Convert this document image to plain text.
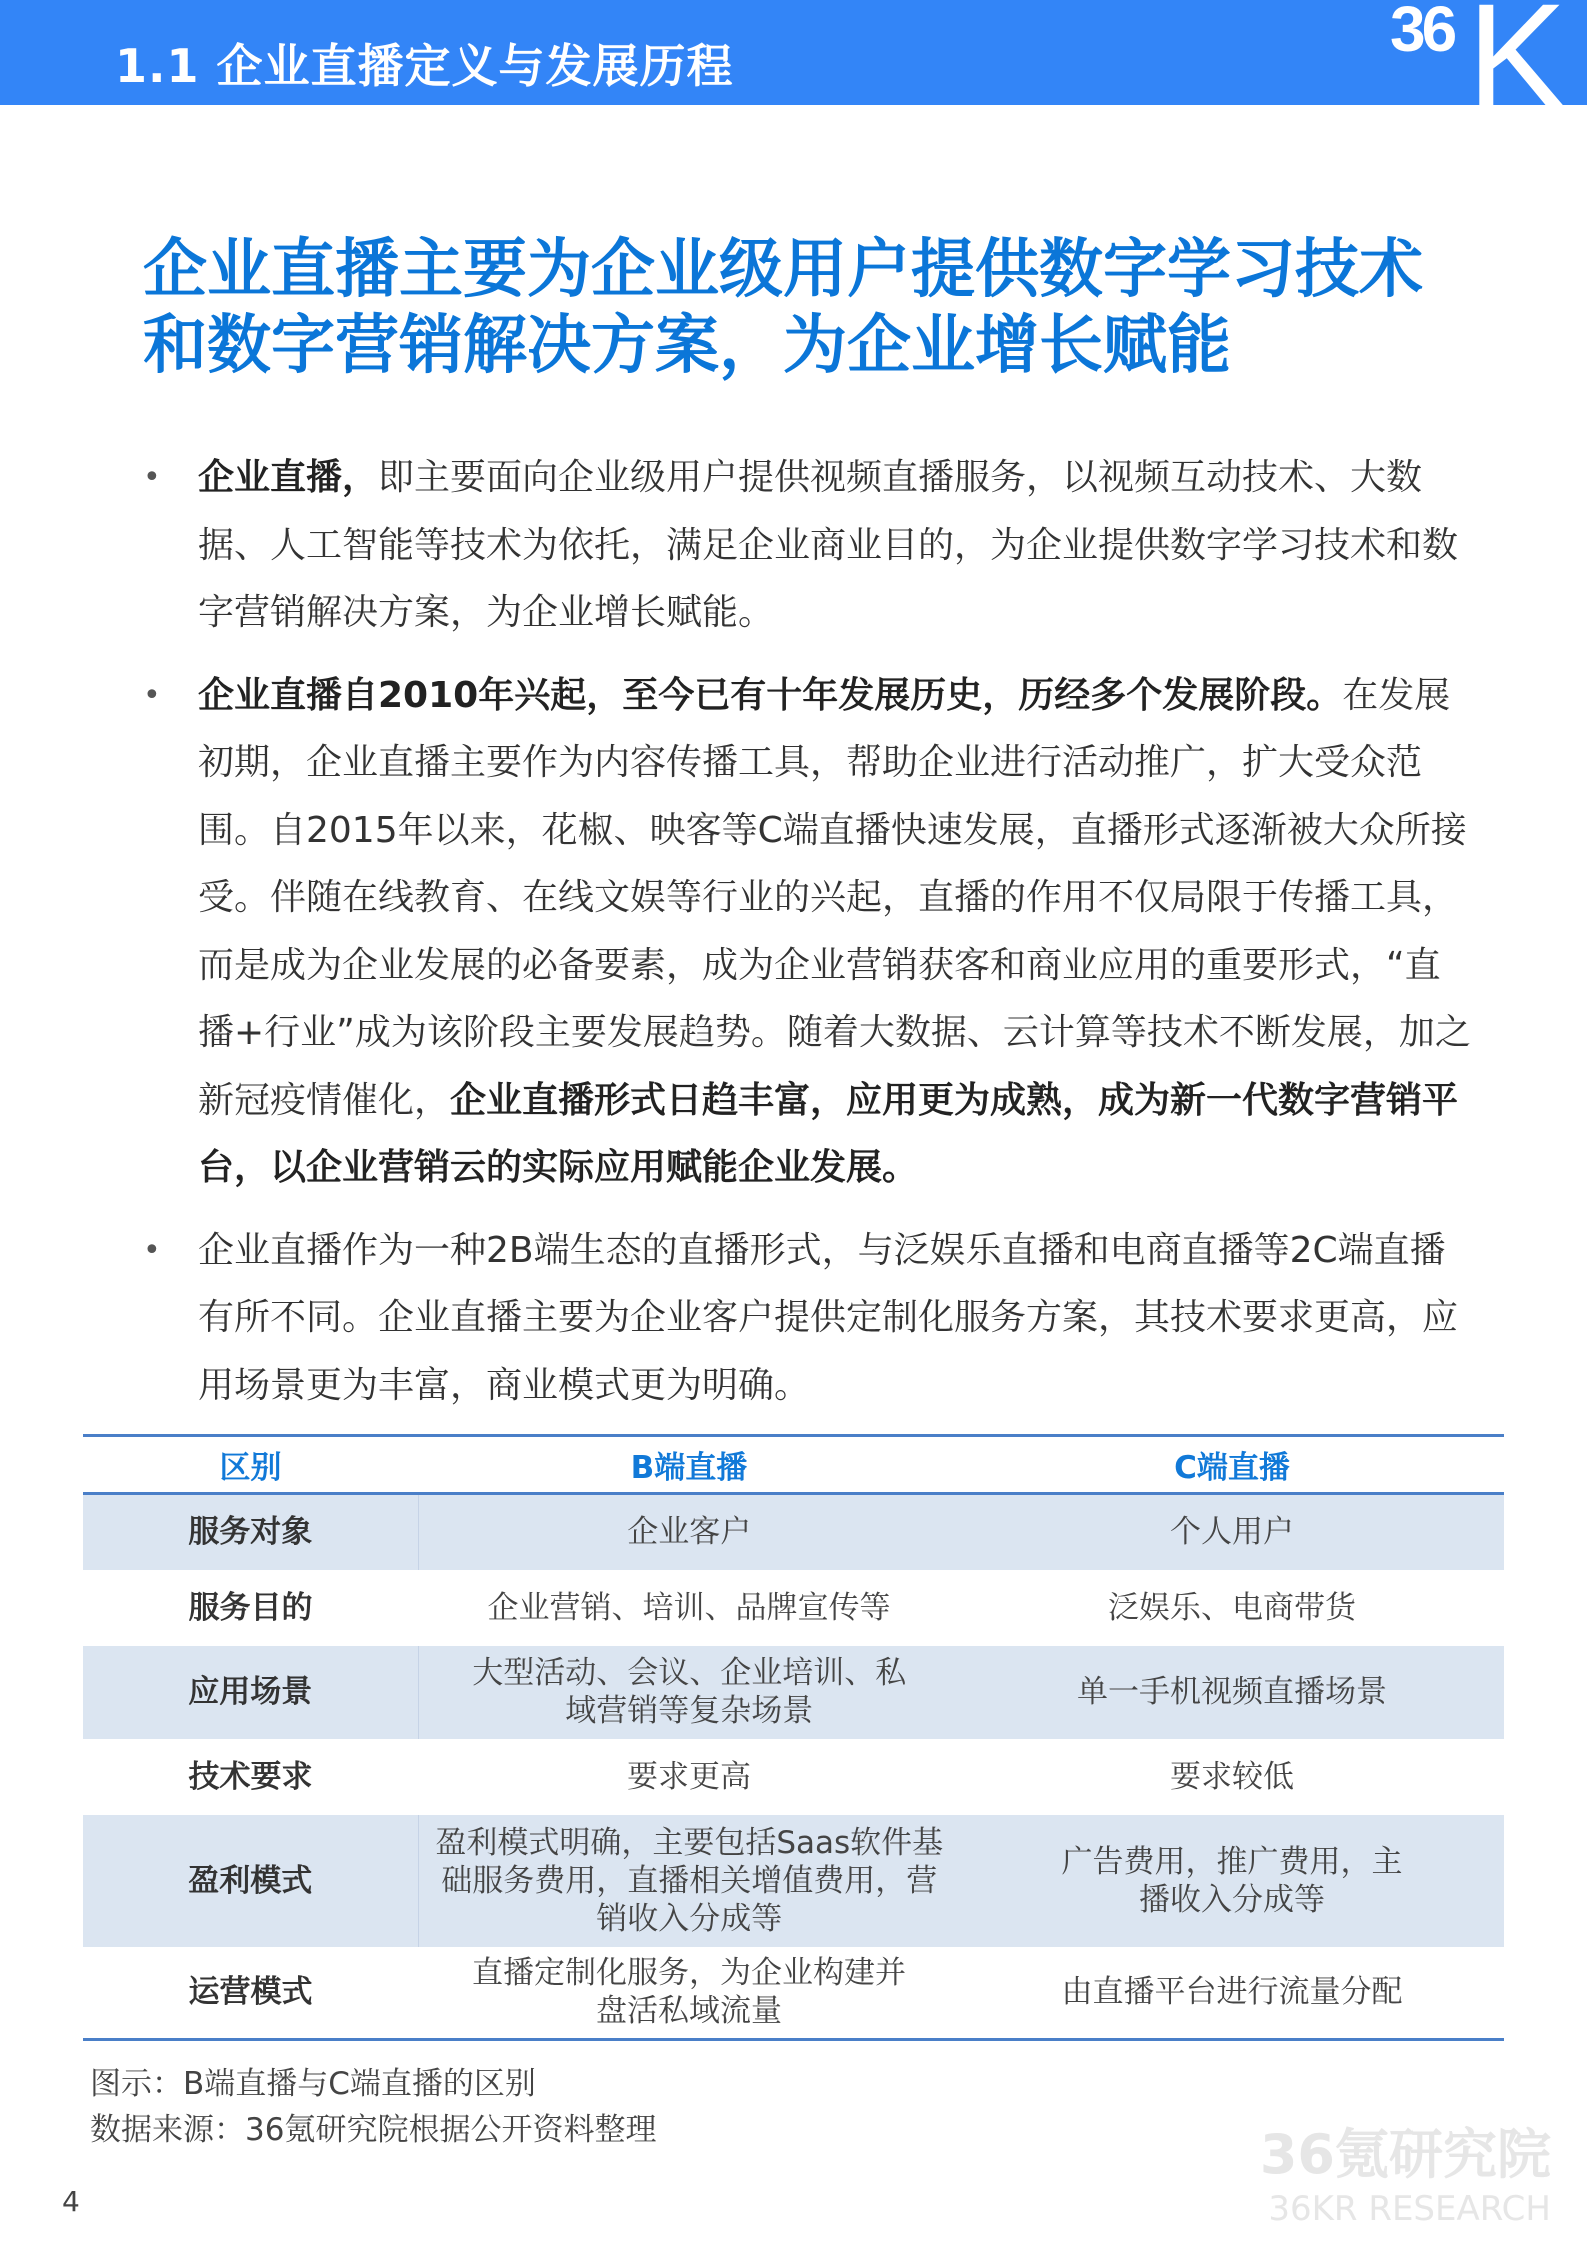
1.1 企业直播定义与发展历程
36 K
企业直播主要为企业级用户提供数字学习技术和数字营销解决方案，为企业增长赋能
• 企业直播，即主要面向企业级用户提供视频直播服务，以视频互动技术、大数据、人工智能等技术为依托，满足企业商业目的，为企业提供数字学习技术和数字营销解决方案，为企业增长赋能。
• 企业直播自2010年兴起，至今已有十年发展历史，历经多个发展阶段。在发展初期，企业直播主要作为内容传播工具，帮助企业进行活动推广，扩大受众范围。自2015年以来，花椒、映客等C端直播快速发展，直播形式逐渐被大众所接受。伴随在线教育、在线文娱等行业的兴起，直播的作用不仅局限于传播工具，而是成为企业发展的必备要素，成为企业营销获客和商业应用的重要形式，“直播+行业”成为该阶段主要发展趋势。随着大数据、云计算等技术不断发展，加之新冠疫情催化，企业直播形式日趋丰富，应用更为成熟，成为新一代数字营销平台，以企业营销云的实际应用赋能企业发展。
• 企业直播作为一种2B端生态的直播形式，与泛娱乐直播和电商直播等2C端直播有所不同。企业直播主要为企业客户提供定制化服务方案，其技术要求更高，应用场景更为丰富，商业模式更为明确。
区别	B端直播	C端直播
服务对象	企业客户	个人用户
服务目的	企业营销、培训、品牌宣传等	泛娱乐、电商带货
应用场景	大型活动、会议、企业培训、私域营销等复杂场景	单一手机视频直播场景
技术要求	要求更高	要求较低
盈利模式	盈利模式明确，主要包括Saas软件基础服务费用，直播相关增值费用，营销收入分成等	广告费用，推广费用，主播收入分成等
运营模式	直播定制化服务，为企业构建并盘活私域流量	由直播平台进行流量分配
图示：B端直播与C端直播的区别
数据来源：36氪研究院根据公开资料整理
4
36氪研究院
36KR RESEARCH
